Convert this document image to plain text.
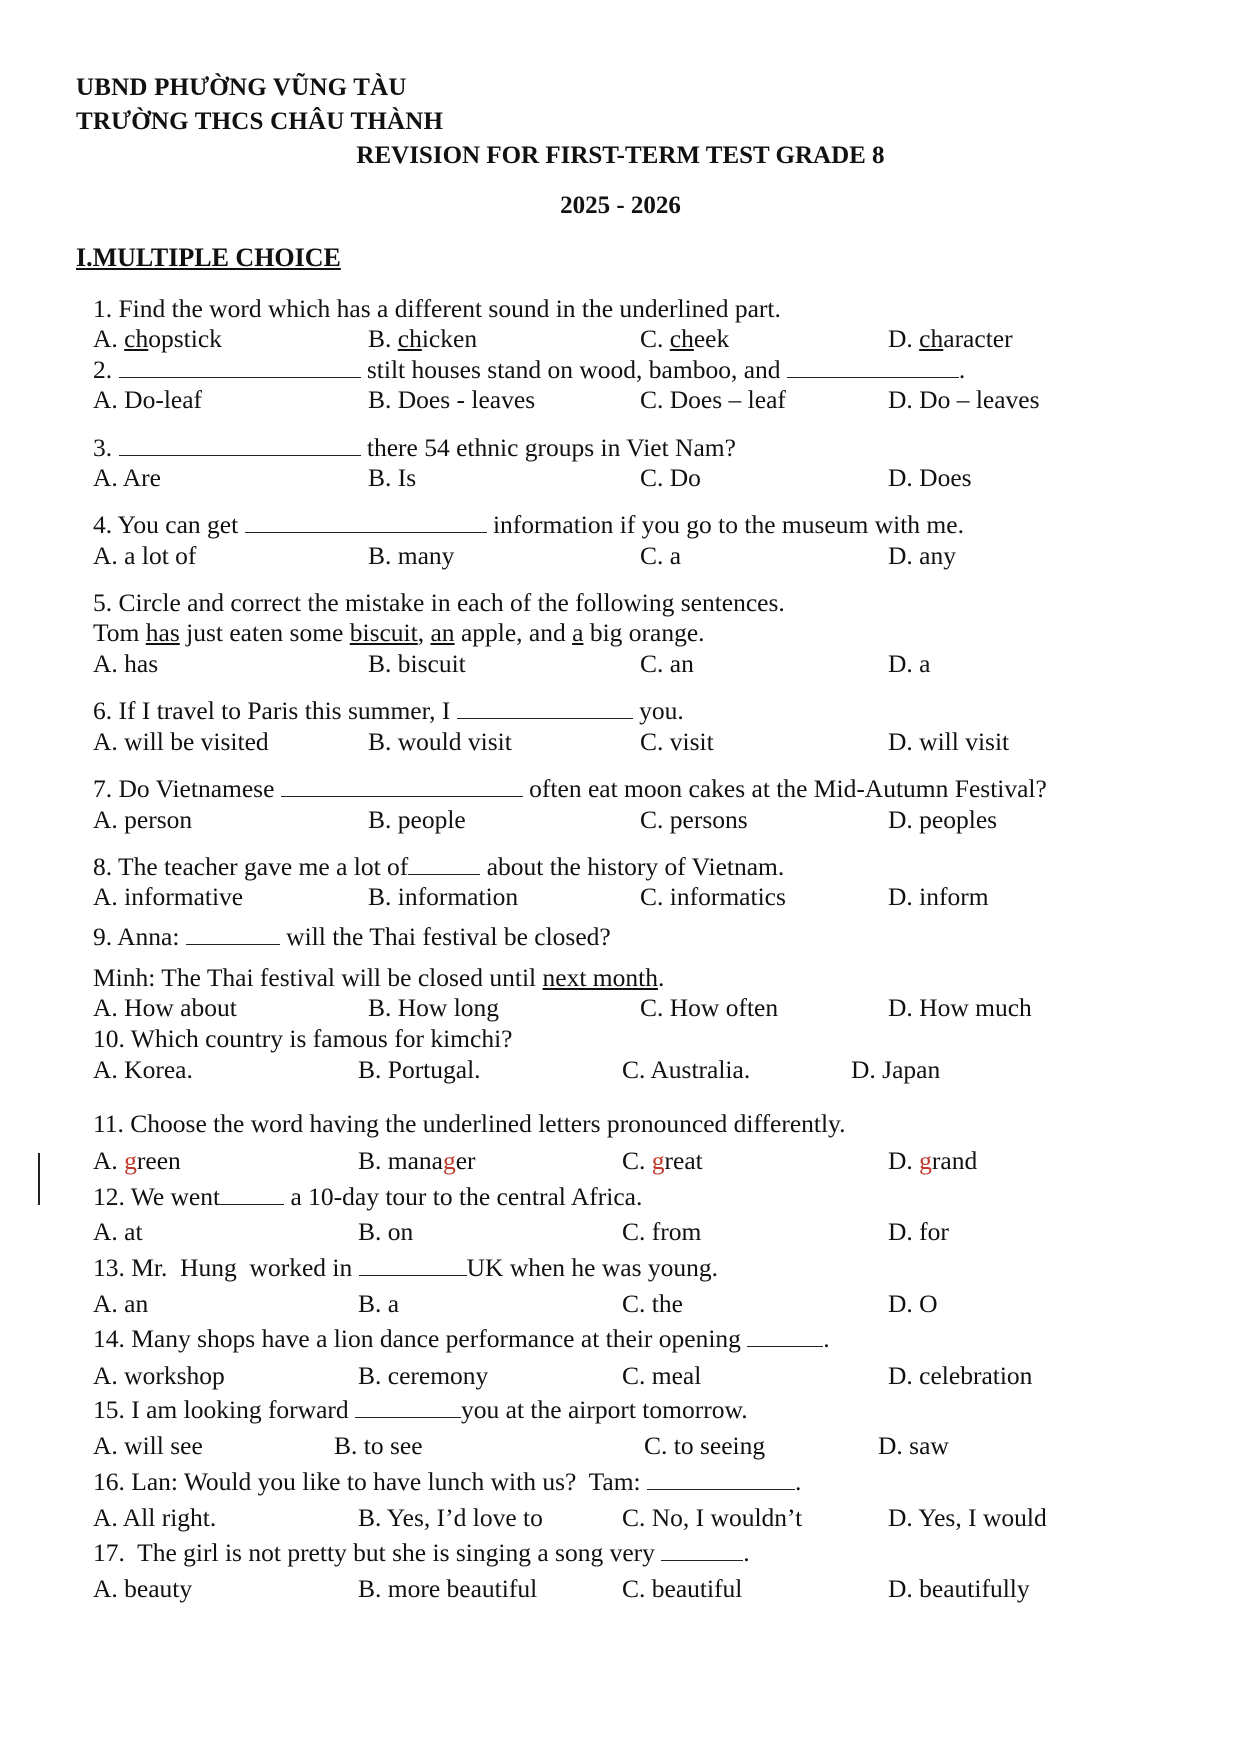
UBND PHƯỜNG VŨNG TÀU
TRƯỜNG THCS CHÂU THÀNH
REVISION FOR FIRST-TERM TEST GRADE 8
2025 - 2026
I.MULTIPLE CHOICE
1. Find the word which has a different sound in the underlined part.
A. chopstick	B. chicken	C. cheek	D. character
2.	stilt houses stand on wood, bamboo, and	.
A. Do-leaf	B. Does - leaves	C. Does – leaf	D. Do – leaves
3.	there 54 ethnic groups in Viet Nam?
A. Are	B. Is	C. Do	D. Does
4. You can get	information if you go to the museum with me.
A. a lot of	B. many	C. a	D. any
5. Circle and correct the mistake in each of the following sentences.
Tom has just eaten some biscuit, an apple, and a big orange.
A. has	B. biscuit	C. an	D. a
6. If I travel to Paris this summer, I	you.
A. will be visited	B. would visit	C. visit	D. will visit
7. Do Vietnamese	often eat moon cakes at the Mid-Autumn Festival?
A. person	B. people	C. persons	D. peoples
8. The teacher gave me a lot of	about the history of Vietnam.
A. informative	B. information	C. informatics	D. inform
9. Anna:	will the Thai festival be closed?
Minh: The Thai festival will be closed until next month.
A. How about	B. How long	C. How often	D. How much
10. Which country is famous for kimchi?
A. Korea.	B. Portugal.	C. Australia.	D. Japan
11. Choose the word having the underlined letters pronounced differently.
A. green	B. manager	C. great	D. grand
12. We went	a 10-day tour to the central Africa.
A. at	B. on	C. from	D. for
13. Mr.  Hung  worked in	UK when he was young.
A. an	B. a	C. the	D. O
14. Many shops have a lion dance performance at their opening	.
A. workshop	B. ceremony	C. meal	D. celebration
15. I am looking forward	you at the airport tomorrow.
A. will see	B. to see	C. to seeing	D. saw
16. Lan: Would you like to have lunch with us?  Tam:	.
A. All right.	B. Yes, I’d love to	C. No, I wouldn’t	D. Yes, I would
17.  The girl is not pretty but she is singing a song very	.
A. beauty	B. more beautiful	C. beautiful	D. beautifully
